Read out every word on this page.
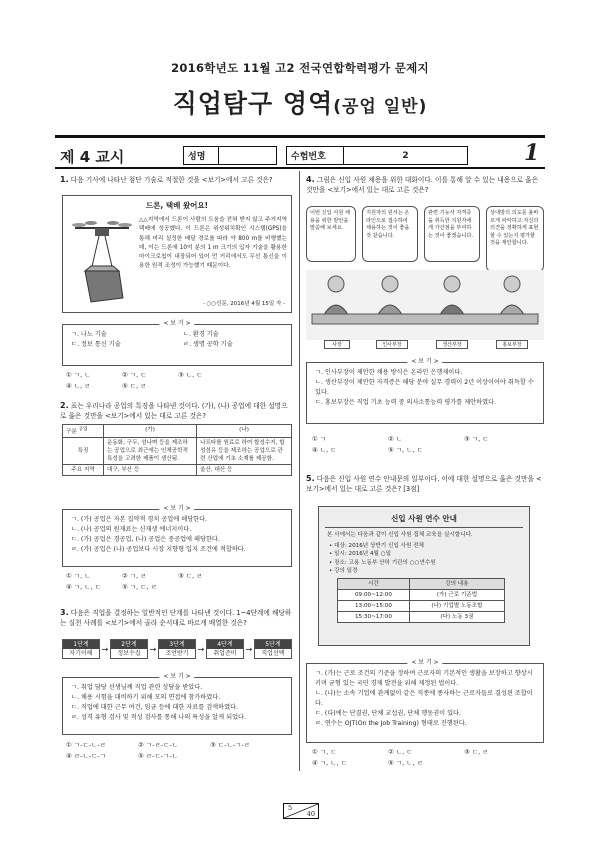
2016학년도 11월 고2 전국연합학력평가 문제지
직업탐구 영역(공업 일반)
제 4 교시	성명	수험번호	2	1
1. 다음 기사에 나타난 첨단 기술로 적절한 것을 <보기>에서 고른 것은?
드론, 택배 왔어요!
△△지역에서 드론이 사람의 도움을 전혀 받지 않고 주거지역 택배에 성공했다. 이 드론은 위성위치확인 시스템(GPS)을 통해 미리 설정한 배달 경로를 따라 약 800 m를 비행했는데, 이는 드론에 10억 분의 1 m 크기의 입자 기술을 활용한 마이크로칩이 내장되어 있어 먼 거리에서도 무선 통신을 이용한 원격 조정이 가능했기 때문이다.
- ○○신문, 2016년 4월 15일 자 -
< 보 기 >
ㄱ. 나노 기술	ㄴ. 환경 기술
ㄷ. 정보 통신 기술	ㄹ. 생명 공학 기술
① ㄱ, ㄴ	② ㄱ, ㄷ	③ ㄴ, ㄷ
④ ㄴ, ㄹ	⑤ ㄷ, ㄹ
2. 표는 우리나라 공업의 특징을 나타낸 것이다. (가), (나) 공업에 대한 설명으로 옳은 것만을 <보기>에서 있는 대로 고른 것은?
구분 $^{공업}$	(가)	(나)
특징	운동화, 구두, 섬나며 등을 제조하는 공업으로 최근에는 인체공학적 특성을 고려한 제품이 생산됨.	나프타를 원료로 하여 합성수지, 합성섬유 등을 제조하는 공업으로 관련 산업에 기초 소재를 제공함.
주요 지역	대구, 부산 등	울산, 대산 등
< 보 기 >
ㄱ. (가) 공업은 자본 집약적 경치 공업에 해당한다.
ㄴ. (나) 공업의 원재료는 신재생 에너지이다.
ㄷ. (가) 공업은 경공업, (나) 공업은 중공업에 해당한다.
ㄹ. (가) 공업은 (나) 공업보다 시장 지향형 입지 조건에 적합하다.
① ㄱ, ㄴ	② ㄱ, ㄹ	③ ㄷ, ㄹ
④ ㄱ, ㄴ, ㄷ	⑤ ㄱ, ㄷ, ㄹ
3. 다음은 직업을 결정하는 일반적인 단계를 나타낸 것이다. 1~4단계에 해당하는 실천 사례를 <보기>에서 골라 순서대로 바르게 배열한 것은?
1단계
자기이해	→	2단계
정보수집	→	3단계
조언받기	→	4단계
취업준비	→	5단계
직업선택
< 보 기 >
ㄱ. 취업 담당 선생님께 직업 관련 상담을 받았다.
ㄴ. 채용 시험을 대비하기 위해 모의 면접에 참가하였다.
ㄷ. 직업에 대한 근무 여건, 임금 등에 대한 자료를 검색하였다.
ㄹ. 성격 유형 검사 및 적성 검사를 통해 나의 특성을 알게 되었다.
① ㄱ-ㄷ-ㄴ-ㄹ	② ㄱ-ㄹ-ㄷ-ㄴ	③ ㄷ-ㄴ-ㄱ-ㄹ
④ ㄹ-ㄴ-ㄷ-ㄱ	⑤ ㄹ-ㄷ-ㄱ-ㄴ
4. 그림은 신입 사원 채용을 위한 대화이다. 이를 통해 알 수 있는 내용으로 옳은 것만을 <보기>에서 있는 대로 고른 것은?
이번 신입 사원 채용을 위한 방안을 말씀해 보세요.
지원자의 원서는 온라인으로 접수하여 채용하는 것이 좋을 것 같습니다.
관련 기능사 자격증을 취득한 지원자에게 가산점을 부여하는 것이 좋겠습니다.
상대방의 의도를 올바르게 파악하고 자신의 의견을 정확하게 표현할 수 있는지 평가할 것을 제안합니다.
사장	인사부장	생산부장	홍보부장
< 보 기 >
ㄱ. 인사부장이 제안한 채용 방식은 온라인 은행제이다.
ㄴ. 생산부장이 제안한 자격증은 해당 분야 실무 경력이 2년 이상이어야 취득할 수 있다.
ㄷ. 홍보부장은 직업 기초 능력 중 의사소통능력 평가를 제안하였다.
① ㄱ	② ㄴ	③ ㄱ, ㄷ
④ ㄴ, ㄷ	⑤ ㄱ, ㄴ, ㄷ
5. 다음은 신입 사원 연수 안내문의 일부이다. 이에 대한 설명으로 옳은 것만을 <보기>에서 있는 대로 고른 것은? [3점]
신입 사원 연수 안내
본 사에서는 다음과 같이 신입 사원 집체 교육을 실시합니다.
• 대상: 2016년 상반기 신입 사원 전체
• 일시: 2016년 4월 ○일
• 장소: 고용 노동부 산하 기관의 ○○연수원
• 강의 일정
시간	강의 내용
09:00~12:00	(가) 근로 기준법
13:00~15:00	(나) 기업별 노동조합
15:30~17:00	(다) 노동 3권
< 보 기 >
ㄱ. (가)는 근로 조건의 기준을 정하여 근로자의 기본적인 생활을 보장하고 향상시키며 균형 있는 국민 경제 발전을 위해 제정된 법이다.
ㄴ. (나)는 소속 기업에 관계없이 같은 직종에 종사하는 근로자들로 결성된 조합이다.
ㄷ. (다)에는 단결권, 단체 교섭권, 단체 행동권이 있다.
ㄹ. 연수는 OJT(On the Job Training) 형태로 진행된다.
① ㄱ, ㄷ	② ㄴ, ㄷ	③ ㄷ, ㄹ
④ ㄱ, ㄴ, ㄷ	⑤ ㄱ, ㄴ, ㄹ
5
40
